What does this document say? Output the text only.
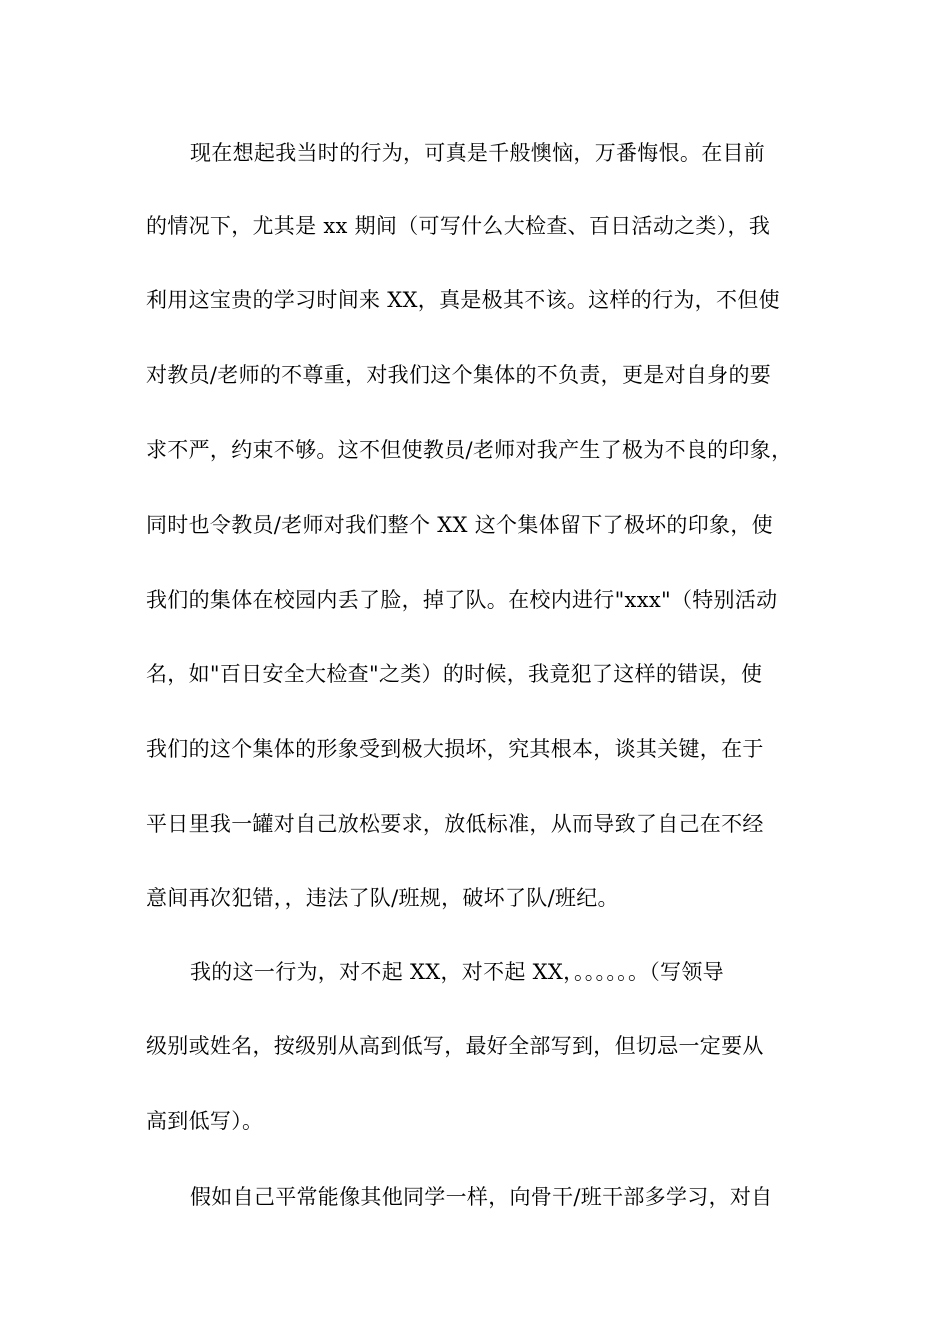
现在想起我当时的行为，可真是千般懊恼，万番悔恨。在目前
的情况下，尤其是 xx 期间（可写什么大检查、百日活动之类），我
利用这宝贵的学习时间来 XX，真是极其不该。这样的行为，不但使
对教员/老师的不尊重，对我们这个集体的不负责，更是对自身的要
求不严，约束不够。这不但使教员/老师对我产生了极为不良的印象，
同时也令教员/老师对我们整个 XX 这个集体留下了极坏的印象，使
我们的集体在校园内丢了脸，掉了队。在校内进行"xxx"（特别活动
名，如"百日安全大检查"之类）的时候，我竟犯了这样的错误，使
我们的这个集体的形象受到极大损坏，究其根本，谈其关键，在于
平日里我一罐对自己放松要求，放低标准，从而导致了自己在不经
意间再次犯错，，违法了队/班规，破坏了队/班纪。
我的这一行为，对不起 XX，对不起 XX，。。。。。。（写领导
级别或姓名，按级别从高到低写，最好全部写到，但切忌一定要从
高到低写）。
假如自己平常能像其他同学一样，向骨干/班干部多学习，对自
